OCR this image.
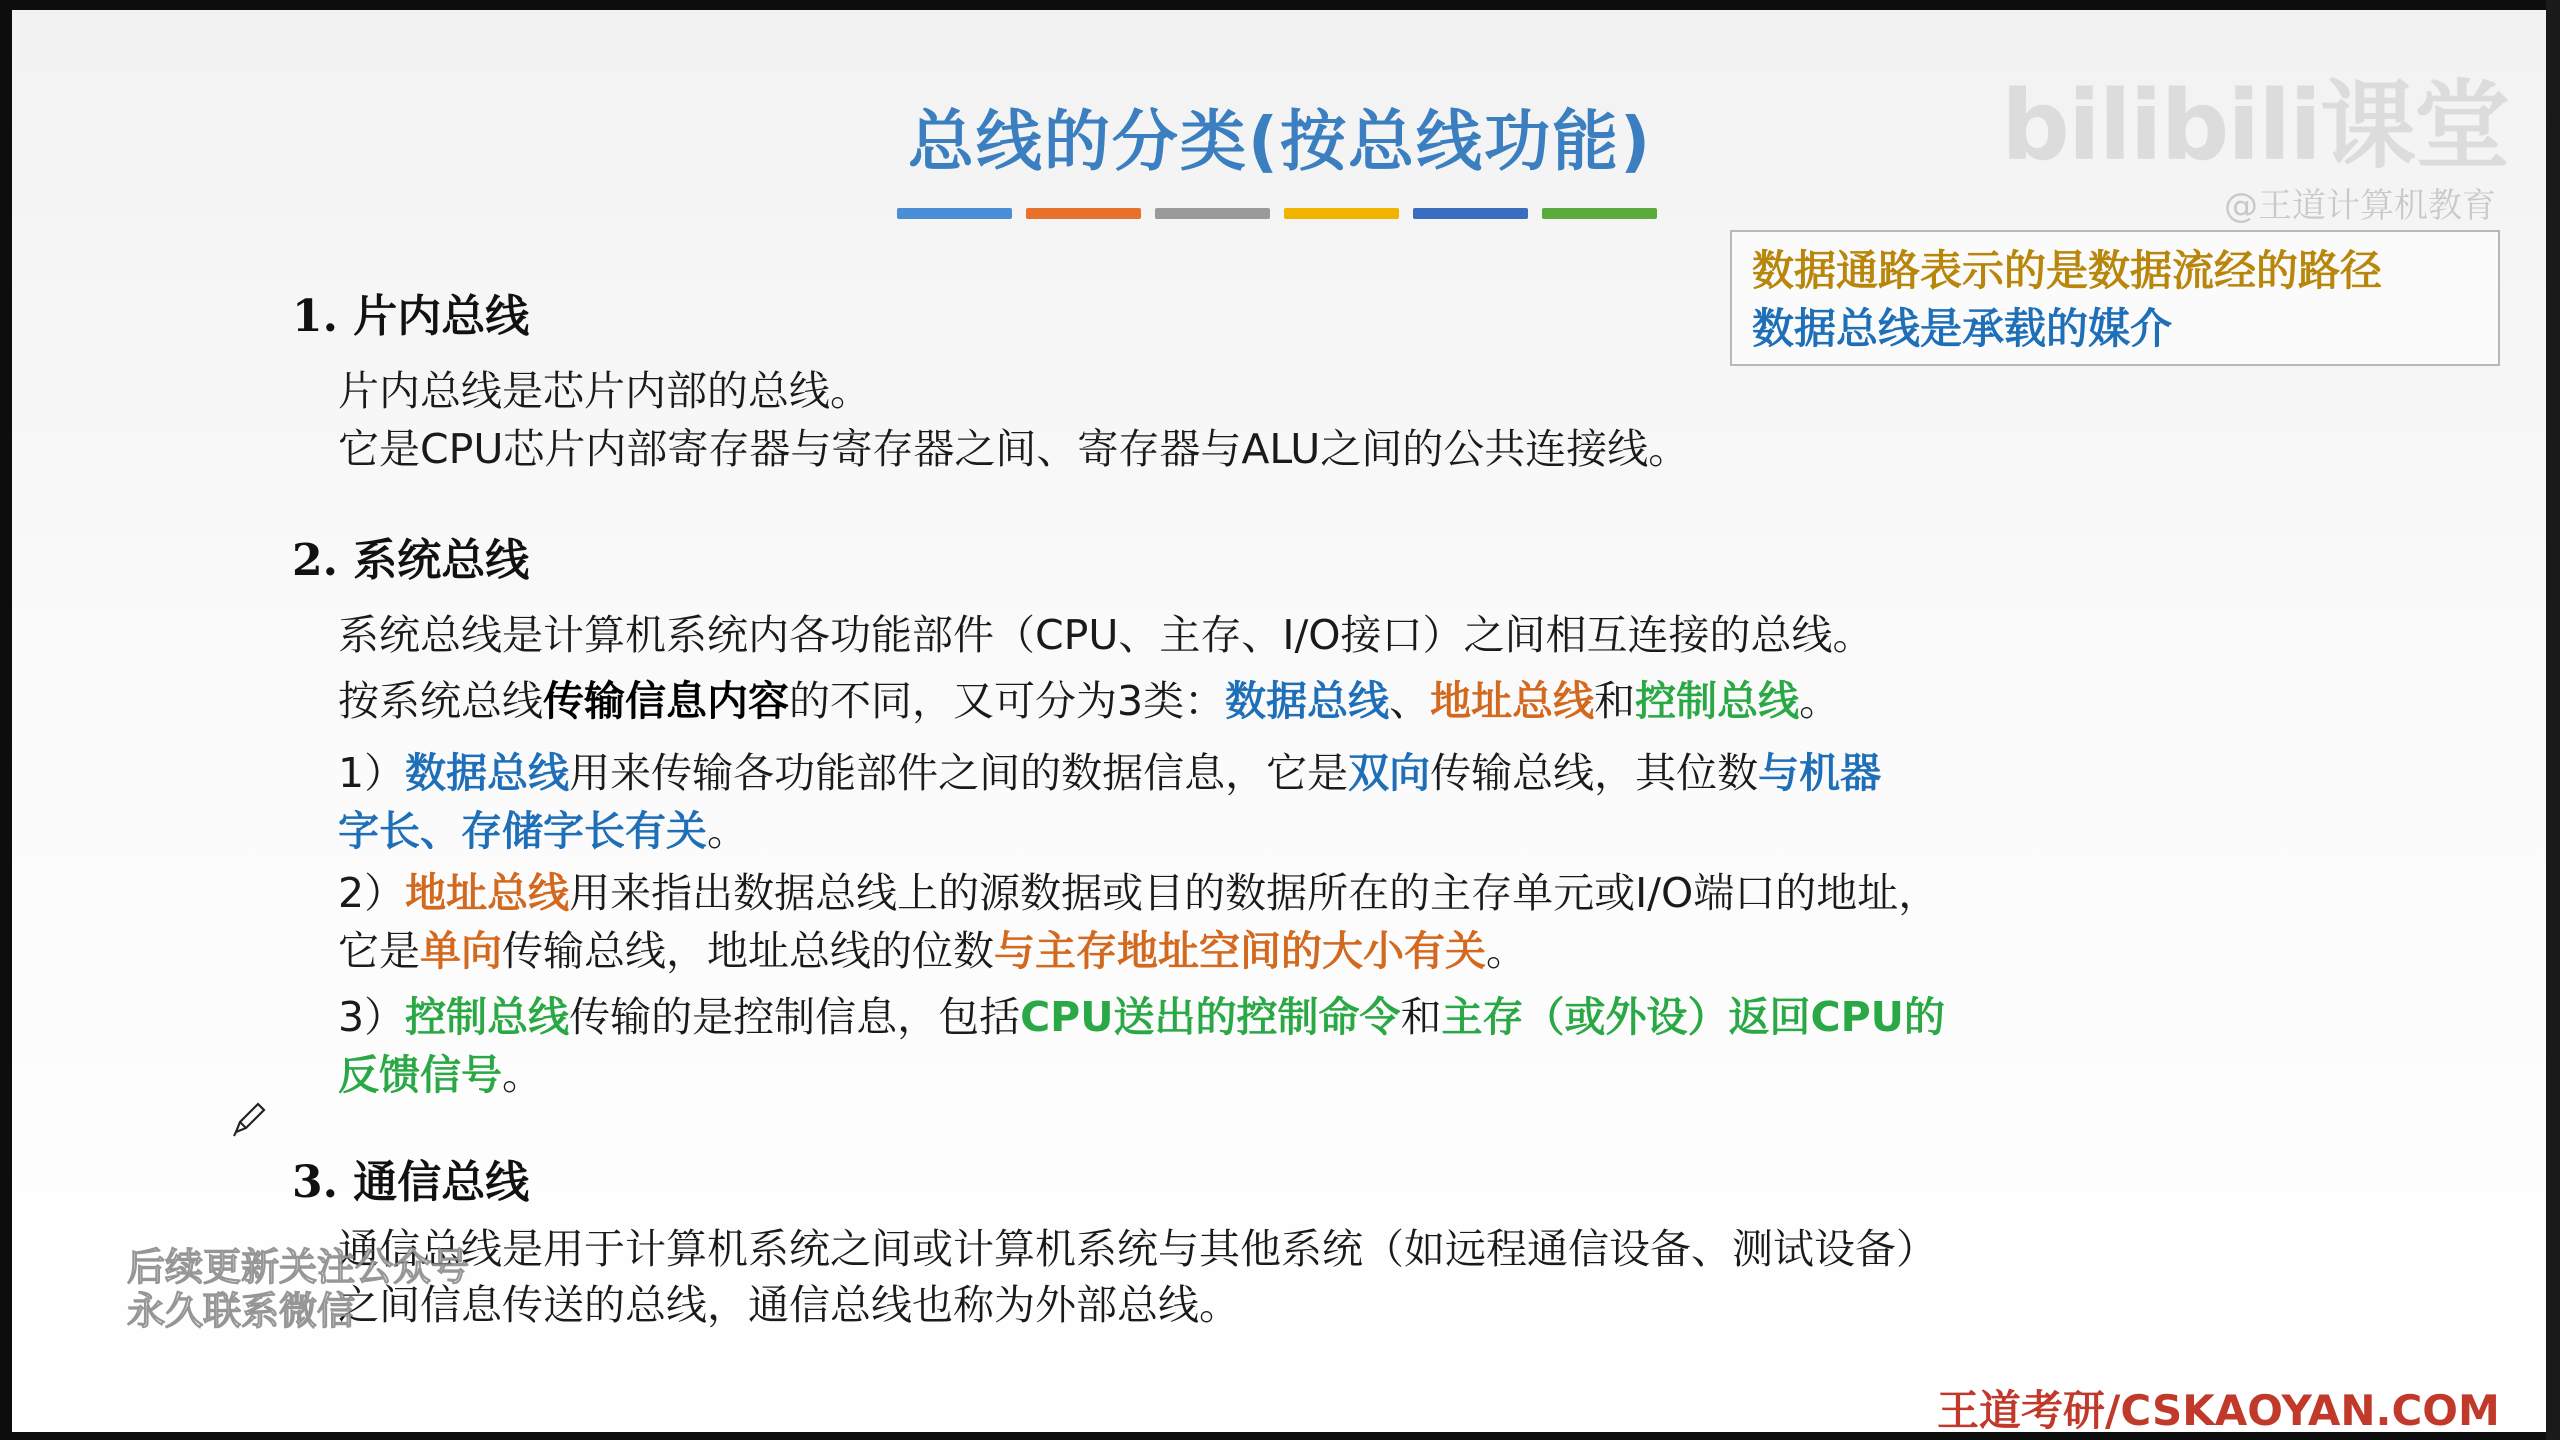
总线的分类(按总线功能)	bilibili课堂
@王道计算机教育
数据通路表示的是数据流经的路径
数据总线是承载的媒介
1. 片内总线
片内总线是芯片内部的总线。
它是CPU芯片内部寄存器与寄存器之间、寄存器与ALU之间的公共连接线。
2. 系统总线
系统总线是计算机系统内各功能部件（CPU、主存、I/O接口）之间相互连接的总线。
按系统总线传输信息内容的不同，又可分为3类：数据总线、地址总线和控制总线。
1）数据总线用来传输各功能部件之间的数据信息，它是双向传输总线，其位数与机器
字长、存储字长有关。
2）地址总线用来指出数据总线上的源数据或目的数据所在的主存单元或I/O端口的地址，
它是单向传输总线，地址总线的位数与主存地址空间的大小有关。
3）控制总线传输的是控制信息，包括CPU送出的控制命令和主存（或外设）返回CPU的
反馈信号。
3. 通信总线
通信总线是用于计算机系统之间或计算机系统与其他系统（如远程通信设备、测试设备）
之间信息传送的总线，通信总线也称为外部总线。
后续更新关注公众号
永久联系微信
王道考研/CSKAOYAN.COM
